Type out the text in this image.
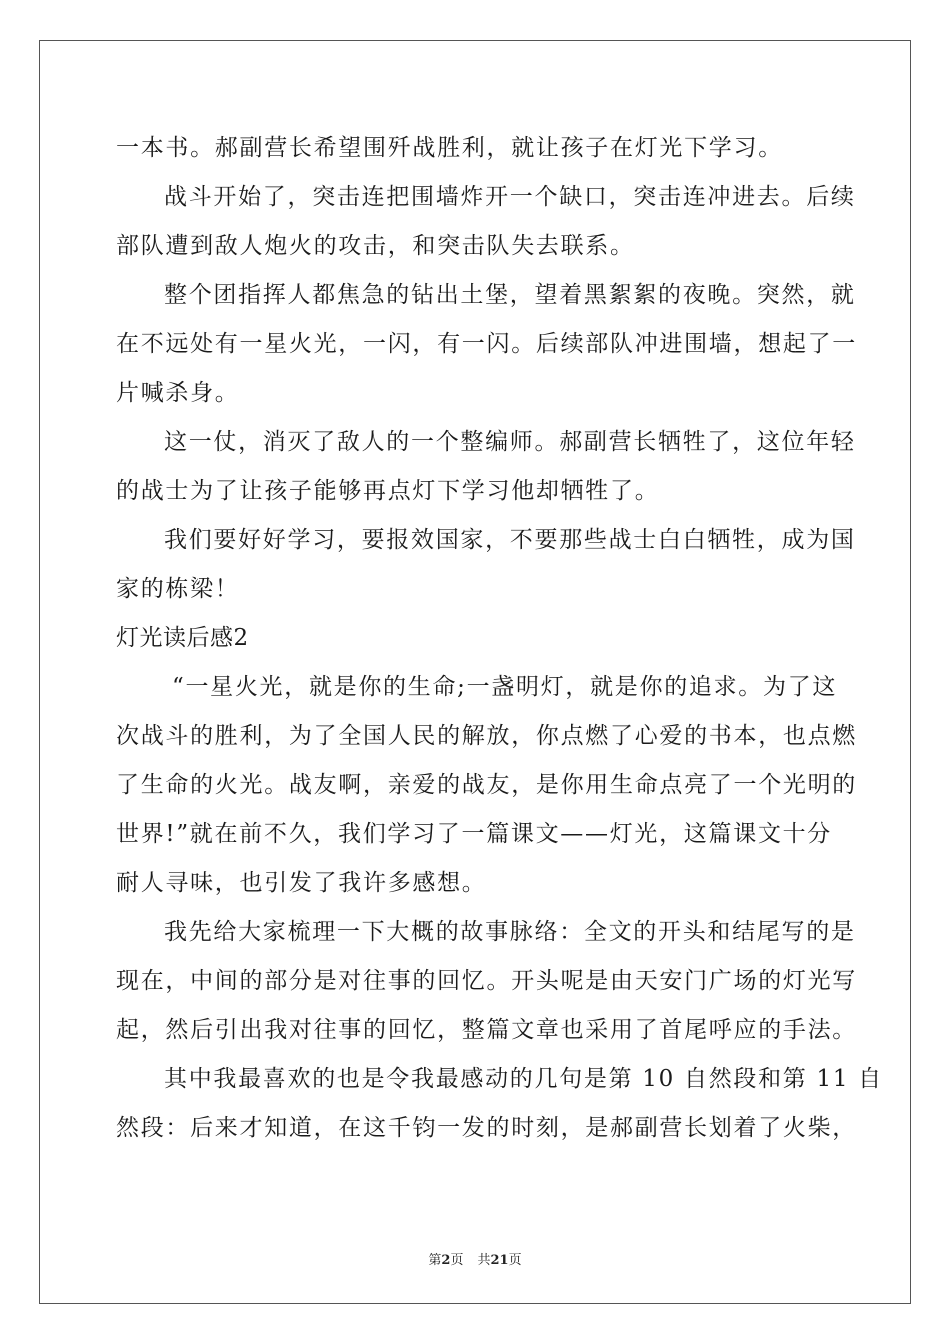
一本书。郝副营长希望围歼战胜利，就让孩子在灯光下学习。
战斗开始了，突击连把围墙炸开一个缺口，突击连冲进去。后续
部队遭到敌人炮火的攻击，和突击队失去联系。
整个团指挥人都焦急的钻出土堡，望着黑絮絮的夜晚。突然，就
在不远处有一星火光，一闪，有一闪。后续部队冲进围墙，想起了一
片喊杀身。
这一仗，消灭了敌人的一个整编师。郝副营长牺牲了，这位年轻
的战士为了让孩子能够再点灯下学习他却牺牲了。
我们要好好学习，要报效国家，不要那些战士白白牺牲，成为国
家的栋梁！
灯光读后感2
“一星火光，就是你的生命;一盏明灯，就是你的追求。为了这
次战斗的胜利，为了全国人民的解放，你点燃了心爱的书本，也点燃
了生命的火光。战友啊，亲爱的战友，是你用生命点亮了一个光明的
世界!”就在前不久，我们学习了一篇课文——灯光，这篇课文十分
耐人寻味，也引发了我许多感想。
我先给大家梳理一下大概的故事脉络：全文的开头和结尾写的是
现在，中间的部分是对往事的回忆。开头呢是由天安门广场的灯光写
起，然后引出我对往事的回忆，整篇文章也采用了首尾呼应的手法。
其中我最喜欢的也是令我最感动的几句是第 10 自然段和第 11 自
然段：后来才知道，在这千钧一发的时刻，是郝副营长划着了火柴，
第2页 共21页
